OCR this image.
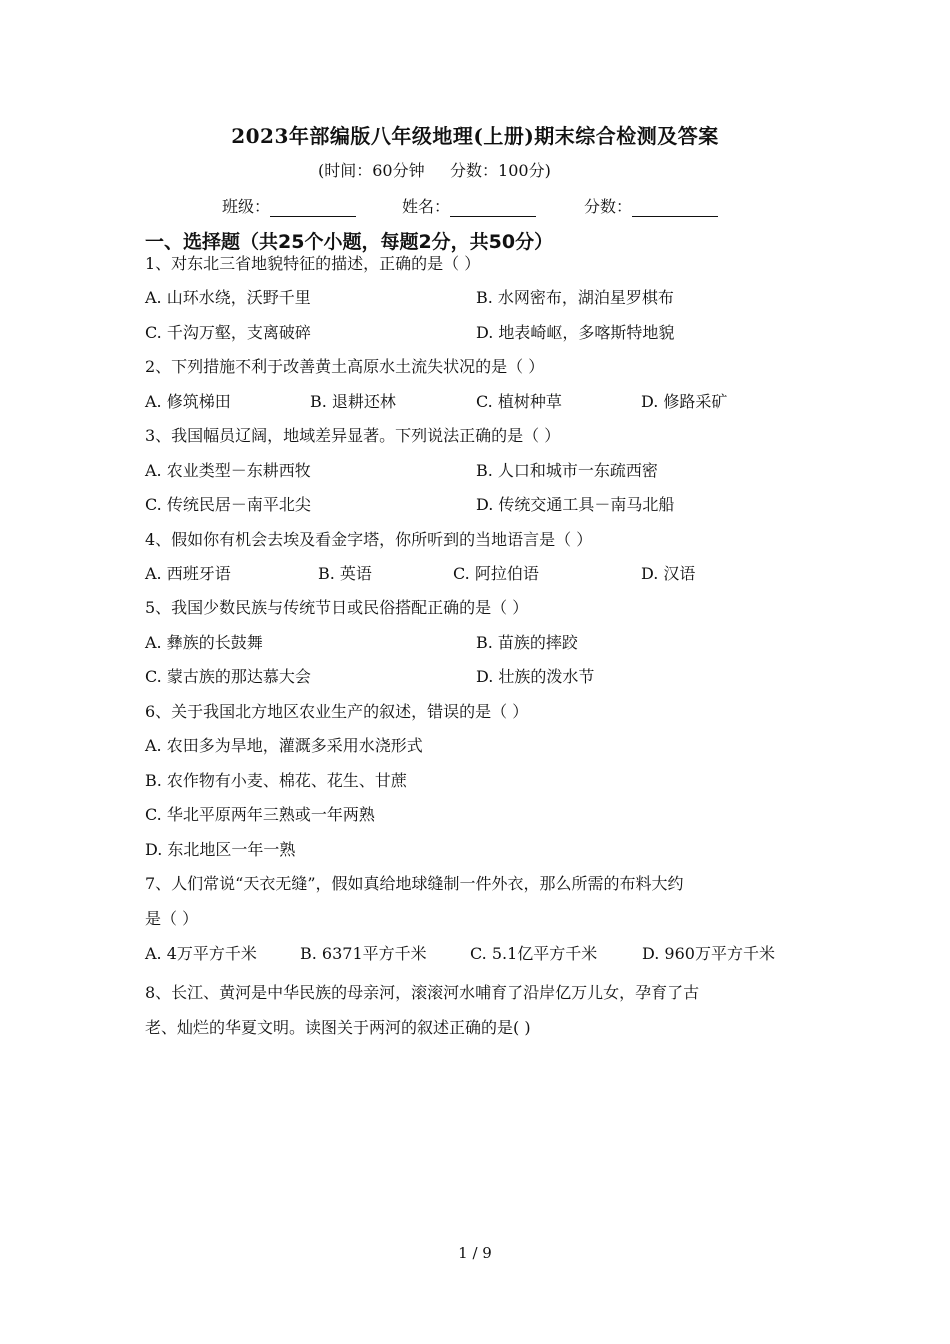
2023年部编版八年级地理(上册)期末综合检测及答案
(时间：60分钟     分数：100分)
班级：	姓名：	分数：
一、选择题（共25个小题，每题2分，共50分）
1、对东北三省地貌特征的描述，正确的是（ ）
A. 山环水绕，沃野千里	B. 水网密布，湖泊星罗棋布
C. 千沟万壑，支离破碎	D. 地表崎岖，多喀斯特地貌
2、下列措施不利于改善黄土高原水土流失状况的是（ ）
A. 修筑梯田	B. 退耕还林	C. 植树种草	D. 修路采矿
3、我国幅员辽阔，地域差异显著。下列说法正确的是（ ）
A. 农业类型－东耕西牧	B. 人口和城市一东疏西密
C. 传统民居－南平北尖	D. 传统交通工具－南马北船
4、假如你有机会去埃及看金字塔，你所听到的当地语言是（ ）
A. 西班牙语	B. 英语	C. 阿拉伯语	D. 汉语
5、我国少数民族与传统节日或民俗搭配正确的是（ ）
A. 彝族的长鼓舞	B. 苗族的摔跤
C. 蒙古族的那达慕大会	D. 壮族的泼水节
6、关于我国北方地区农业生产的叙述，错误的是（ ）
A. 农田多为旱地，灌溉多采用水浇形式
B. 农作物有小麦、棉花、花生、甘蔗
C. 华北平原两年三熟或一年两熟
D. 东北地区一年一熟
7、人们常说“天衣无缝”，假如真给地球缝制一件外衣，那么所需的布料大约
是（ ）
A. 4万平方千米	B. 6371平方千米	C. 5.1亿平方千米	D. 960万平方千米
8、长江、黄河是中华民族的母亲河，滚滚河水哺育了沿岸亿万儿女，孕育了古
老、灿烂的华夏文明。读图关于两河的叙述正确的是( )
1 / 9
